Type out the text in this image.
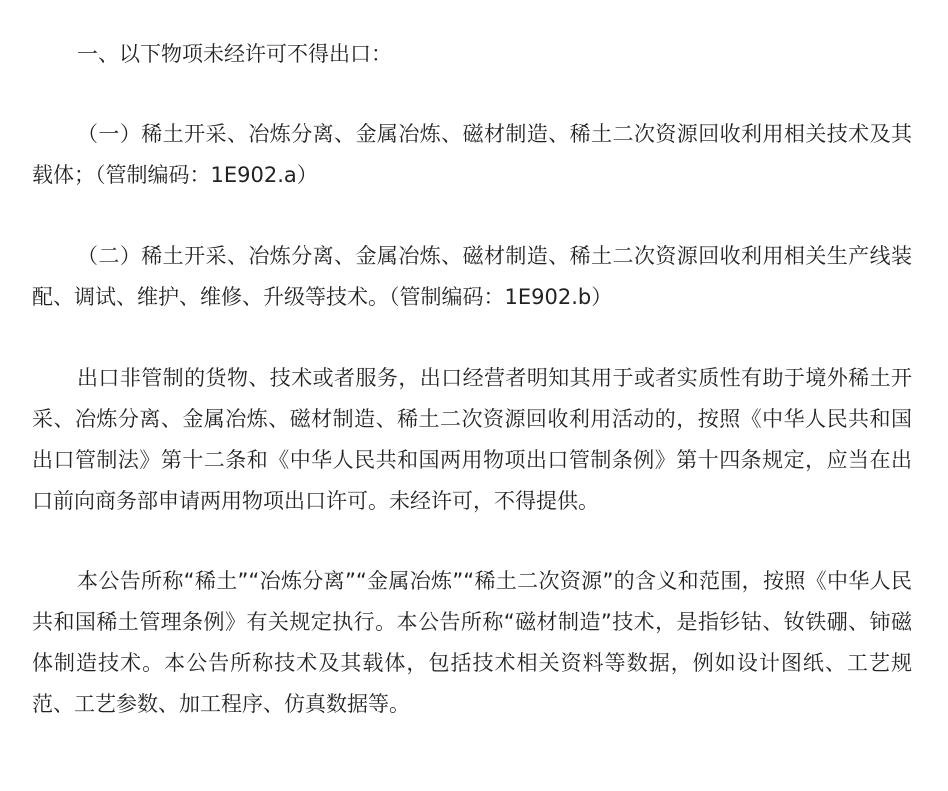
一、以下物项未经许可不得出口：

（一）稀土开采、冶炼分离、金属冶炼、磁材制造、稀土二次资源回收利用相关技术及其载体；（管制编码：1E902.a）

（二）稀土开采、冶炼分离、金属冶炼、磁材制造、稀土二次资源回收利用相关生产线装配、调试、维护、维修、升级等技术。（管制编码：1E902.b）

出口非管制的货物、技术或者服务，出口经营者明知其用于或者实质性有助于境外稀土开采、冶炼分离、金属冶炼、磁材制造、稀土二次资源回收利用活动的，按照《中华人民共和国出口管制法》第十二条和《中华人民共和国两用物项出口管制条例》第十四条规定，应当在出口前向商务部申请两用物项出口许可。未经许可，不得提供。

本公告所称“稀土”“冶炼分离”“金属冶炼”“稀土二次资源”的含义和范围，按照《中华人民共和国稀土管理条例》有关规定执行。本公告所称“磁材制造”技术，是指钐钴、钕铁硼、铈磁体制造技术。本公告所称技术及其载体，包括技术相关资料等数据，例如设计图纸、工艺规范、工艺参数、加工程序、仿真数据等。
